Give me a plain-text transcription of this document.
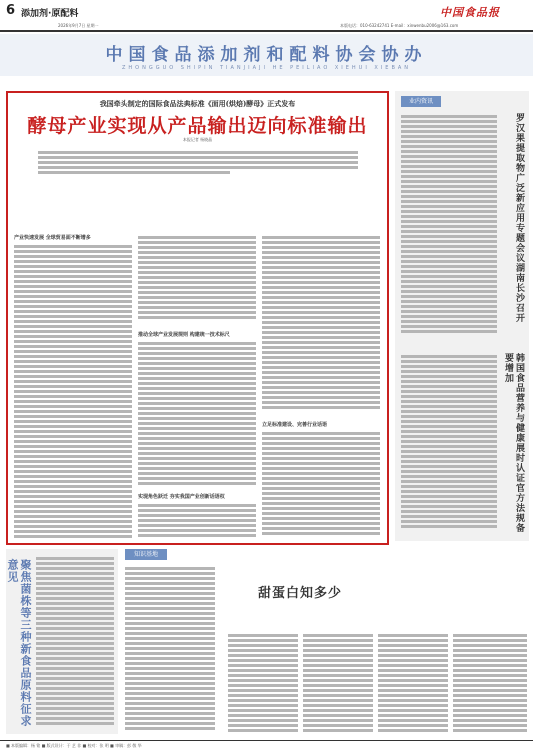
6 添加剂·原配料	中国食品报
2026年9月7日 星期一	本版电话：010-63242741 E-mail：xinwenbu2006@163.com
中国食品添加剂和配料协会协办
ZHONGGUO SHIPIN TIANJIAJI HE PEILIAO XIEHUI XIEBAN
我国牵头制定的国际食品法典标准《面用(烘焙)酵母》正式发布
酵母产业实现从产品输出迈向标准输出
本报记者 杨晓晶
产业快速发展 全球贸易面不断增多
推动全球产业发展规则 构建统一技术标尺
实现角色跃迁 夯实我国产业创新话语权
立足标准建设、完善行业话语
业内资讯
罗汉果提取物广泛新应用专题会议湖南长沙召开
韩国食品营养与健康展时认证官方法规备要增加
知识基地
聚焦菌株等三种新食品原料征求意见
甜蛋白知多少
■ 本版编辑：杨 铭 ■ 版式设计：于 艺 非 ■ 校对：张 明 ■ 审稿：彭 敬 华
